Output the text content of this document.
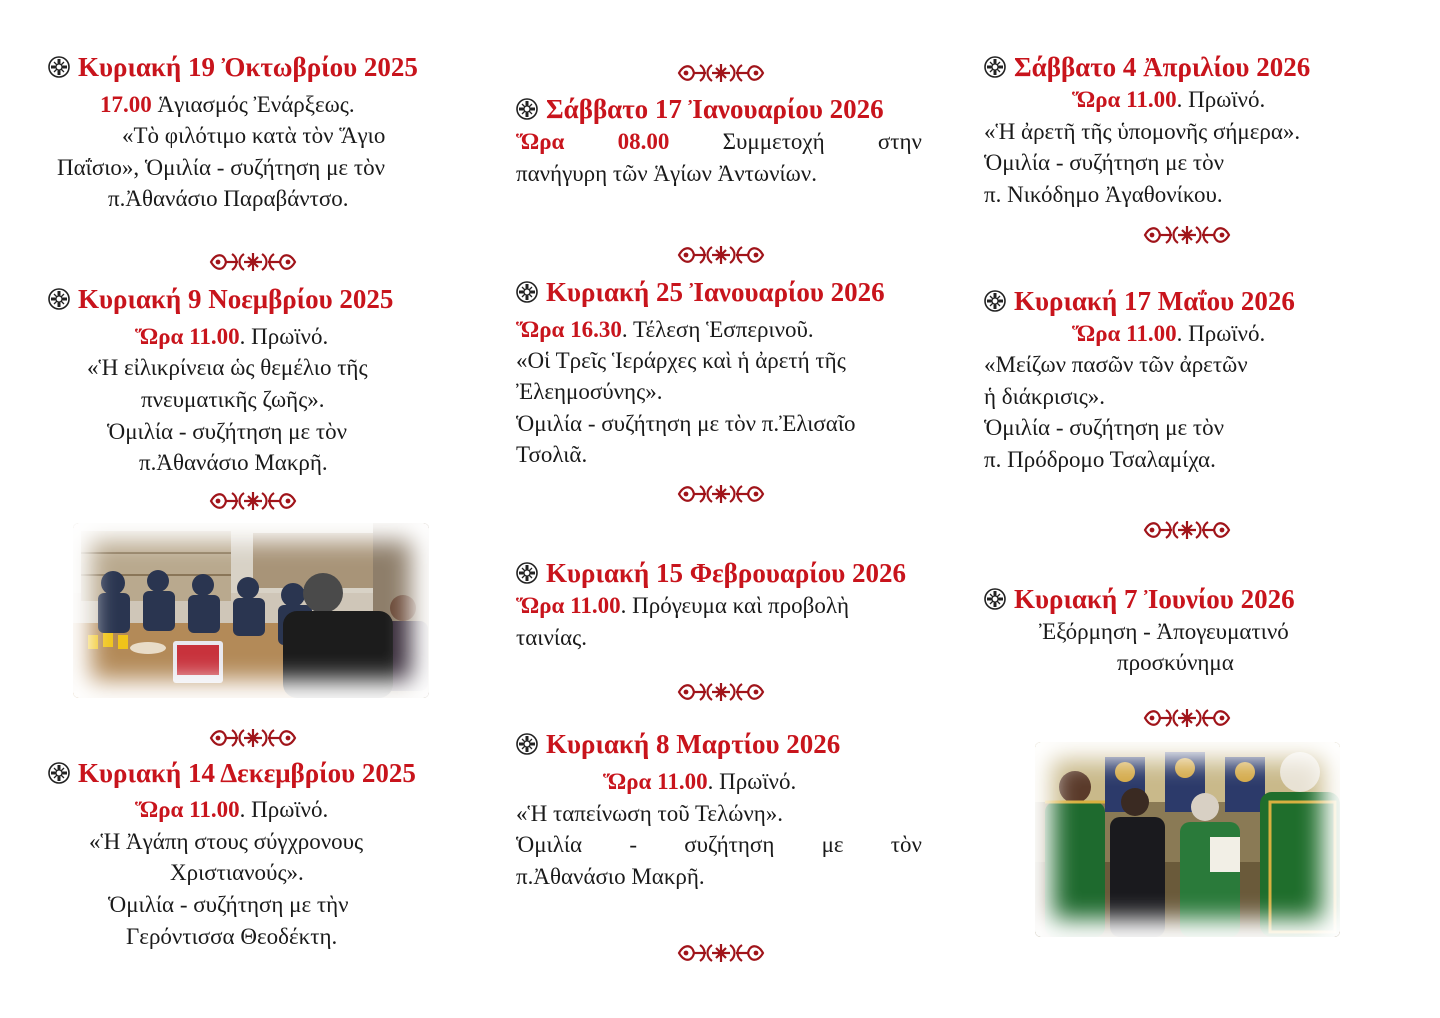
Κυριακή 19 Ὀκτωβρίου 2025
17.00 Ἁγιασμός Ἐνάρξεως.
«Τὸ φιλότιμο κατὰ τὸν Ἅγιο
Παΐσιο», Ὁμιλία - συζήτηση με τὸν
π.Ἀθανάσιο Παραβάντσο.
Κυριακή 9 Νοεμβρίου 2025
Ὥρα 11.00. Πρωϊνό.
«Ἡ εἰλικρίνεια ὡς θεμέλιο τῆς
πνευματικῆς ζωῆς».
Ὁμιλία - συζήτηση με τὸν
π.Ἀθανάσιο Μακρῆ.
Κυριακή 14 Δεκεμβρίου 2025
Ὥρα 11.00. Πρωϊνό.
«Ἡ Ἀγάπη στους σύγχρονους
Χριστιανούς».
Ὁμιλία - συζήτηση με τὴν
Γερόντισσα Θεοδέκτη.
Σάββατο 17 Ἰανουαρίου 2026
Ὥρα 08.00 Συμμετοχή στην
πανήγυρη τῶν Ἁγίων Ἀντωνίων.
Κυριακή 25 Ἰανουαρίου 2026
Ὥρα 16.30. Τέλεση Ἑσπερινοῦ.
«Οἱ Τρεῖς Ἱεράρχες καὶ ἡ ἀρετή τῆς
Ἐλεημοσύνης».
Ὁμιλία - συζήτηση με τὸν π.Ἐλισαῖο
Τσολιᾶ.
Κυριακή 15 Φεβρουαρίου 2026
Ὥρα 11.00. Πρόγευμα καὶ προβολὴ
ταινίας.
Κυριακή 8 Μαρτίου 2026
Ὥρα 11.00. Πρωϊνό.
«Ἡ ταπείνωση τοῦ Τελώνη».
Ὁμιλία - συζήτηση με τὸν
π.Ἀθανάσιο Μακρῆ.
Σάββατο 4 Ἀπριλίου 2026
Ὥρα 11.00. Πρωϊνό.
«Ἡ ἀρετῆ τῆς ὑπομονῆς σήμερα».
Ὁμιλία - συζήτηση με τὸν
π. Νικόδημο Ἀγαθονίκου.
Κυριακή 17 Μαΐου 2026
Ὥρα 11.00. Πρωϊνό.
«Μείζων πασῶν τῶν ἀρετῶν
ἡ διάκρισις».
Ὁμιλία - συζήτηση με τὸν
π. Πρόδρομο Τσαλαμίχα.
Κυριακή 7 Ἰουνίου 2026
Ἐξόρμηση - Ἀπογευματινό
προσκύνημα
